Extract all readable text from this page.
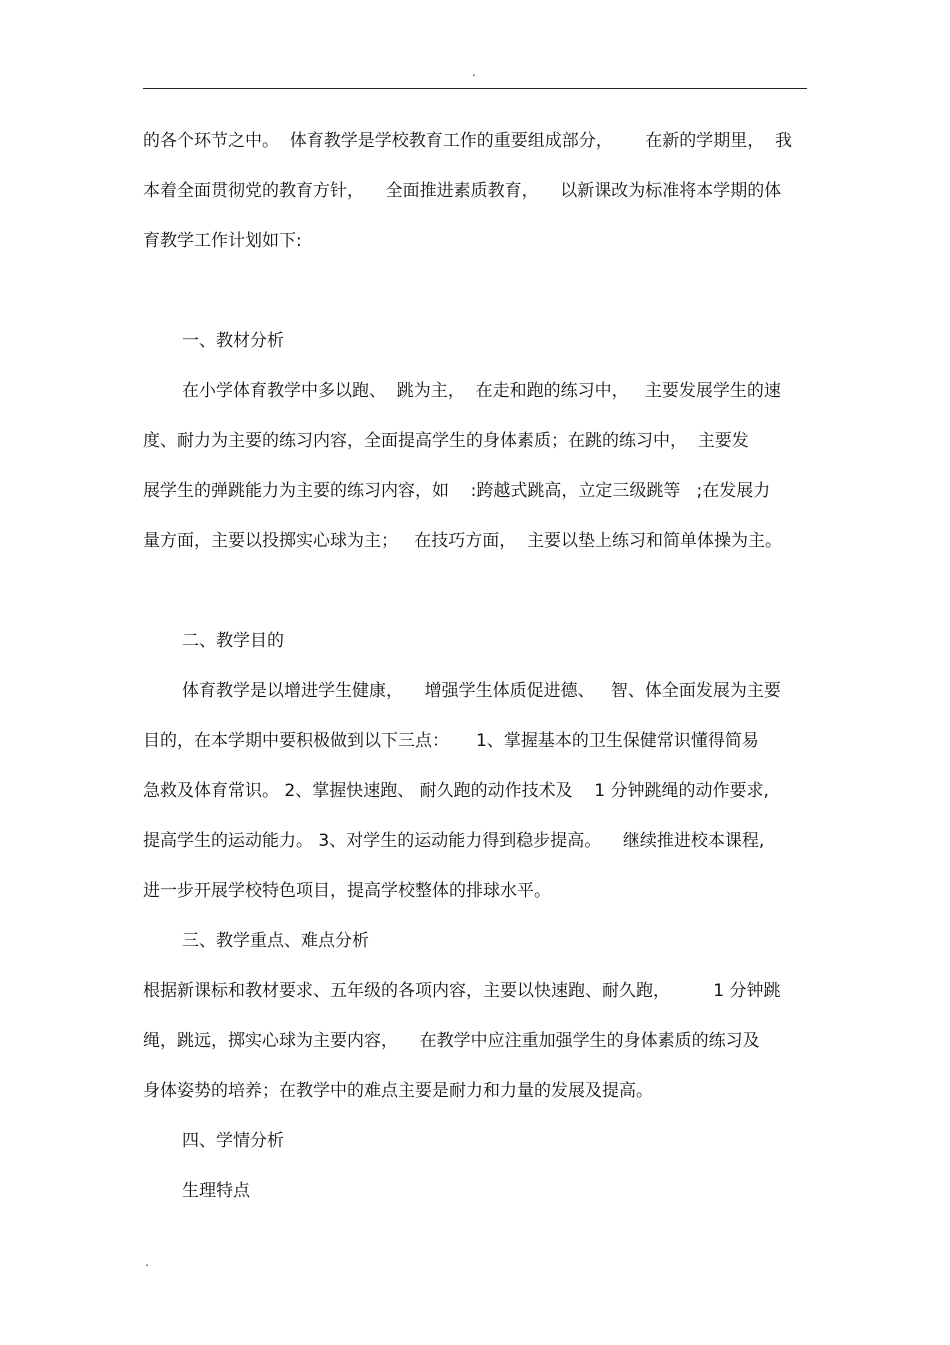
.
的各个环节之中。  体育教学是学校教育工作的重要组成部分，      在新的学期里，  我
本着全面贯彻党的教育方针，    全面推进素质教育，    以新课改为标准将本学期的体
育教学工作计划如下:
一、教材分析
在小学体育教学中多以跑、  跳为主，  在走和跑的练习中，   主要发展学生的速
度、耐力为主要的练习内容，全面提高学生的身体素质；在跳的练习中，  主要发
展学生的弹跳能力为主要的练习内容，如    :跨越式跳高，立定三级跳等   ;在发展力
量方面，主要以投掷实心球为主；   在技巧方面，  主要以垫上练习和简单体操为主。
二、教学目的
体育教学是以增进学生健康，    增强学生体质促进德、   智、体全面发展为主要
目的，在本学期中要积极做到以下三点：     1、掌握基本的卫生保健常识懂得简易
急救及体育常识。 2、掌握快速跑、 耐久跑的动作技术及    1 分钟跳绳的动作要求,
提高学生的运动能力。 3、对学生的运动能力得到稳步提高。    继续推进校本课程,
进一步开展学校特色项目，提高学校整体的排球水平。
三、教学重点、难点分析
根据新课标和教材要求、五年级的各项内容，主要以快速跑、耐久跑，        1 分钟跳
绳，跳远，掷实心球为主要内容，    在教学中应注重加强学生的身体素质的练习及
身体姿势的培养；在教学中的难点主要是耐力和力量的发展及提高。
四、学情分析
生理特点
.
